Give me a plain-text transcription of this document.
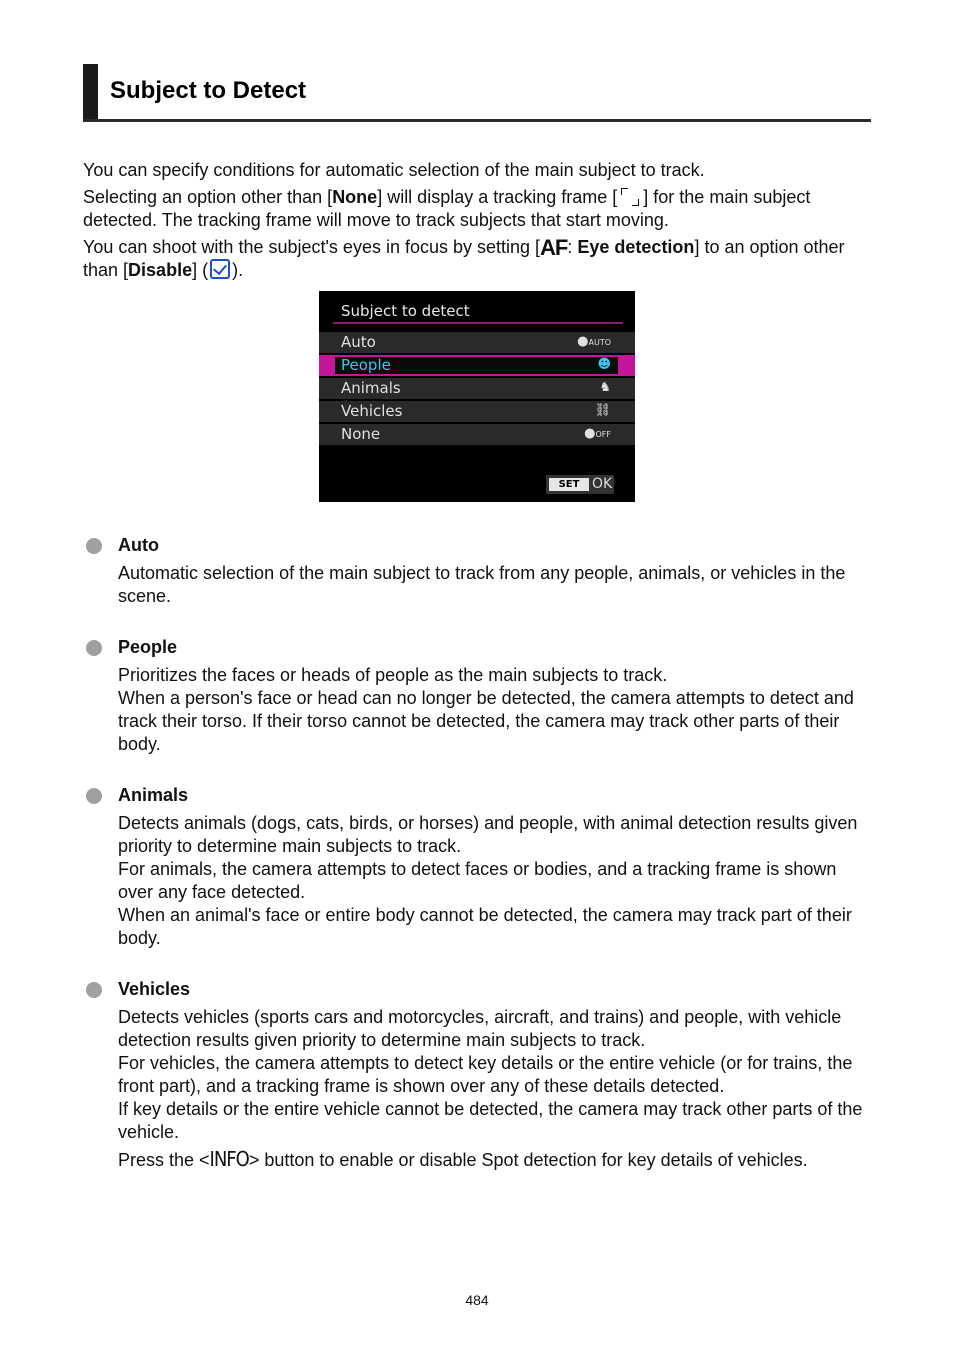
Subject to Detect

You can specify conditions for automatic selection of the main subject to track.

Selecting an option other than [None] will display a tracking frame [ ] for the main subject detected. The tracking frame will move to track subjects that start moving.

You can shoot with the subject's eyes in focus by setting [AF: Eye detection] to an option other than [Disable] ( ).

Subject to detect
Auto	●AUTO
People	☻
Animals	♞
Vehicles	⛓
None	●OFF
SET OK
Auto

Automatic selection of the main subject to track from any people, animals, or vehicles in the scene.

People
Prioritizes the faces or heads of people as the main subjects to track.
When a person's face or head can no longer be detected, the camera attempts to detect and track their torso. If their torso cannot be detected, the camera may track other parts of their body.
Animals
Detects animals (dogs, cats, birds, or horses) and people, with animal detection results given priority to determine main subjects to track.
For animals, the camera attempts to detect faces or bodies, and a tracking frame is shown over any face detected.
When an animal's face or entire body cannot be detected, the camera may track part of their body.
Vehicles
Detects vehicles (sports cars and motorcycles, aircraft, and trains) and people, with vehicle detection results given priority to determine main subjects to track.
For vehicles, the camera attempts to detect key details or the entire vehicle (or for trains, the front part), and a tracking frame is shown over any of these details detected.
If key details or the entire vehicle cannot be detected, the camera may track other parts of the vehicle.
Press the <INFO> button to enable or disable Spot detection for key details of vehicles.
484
